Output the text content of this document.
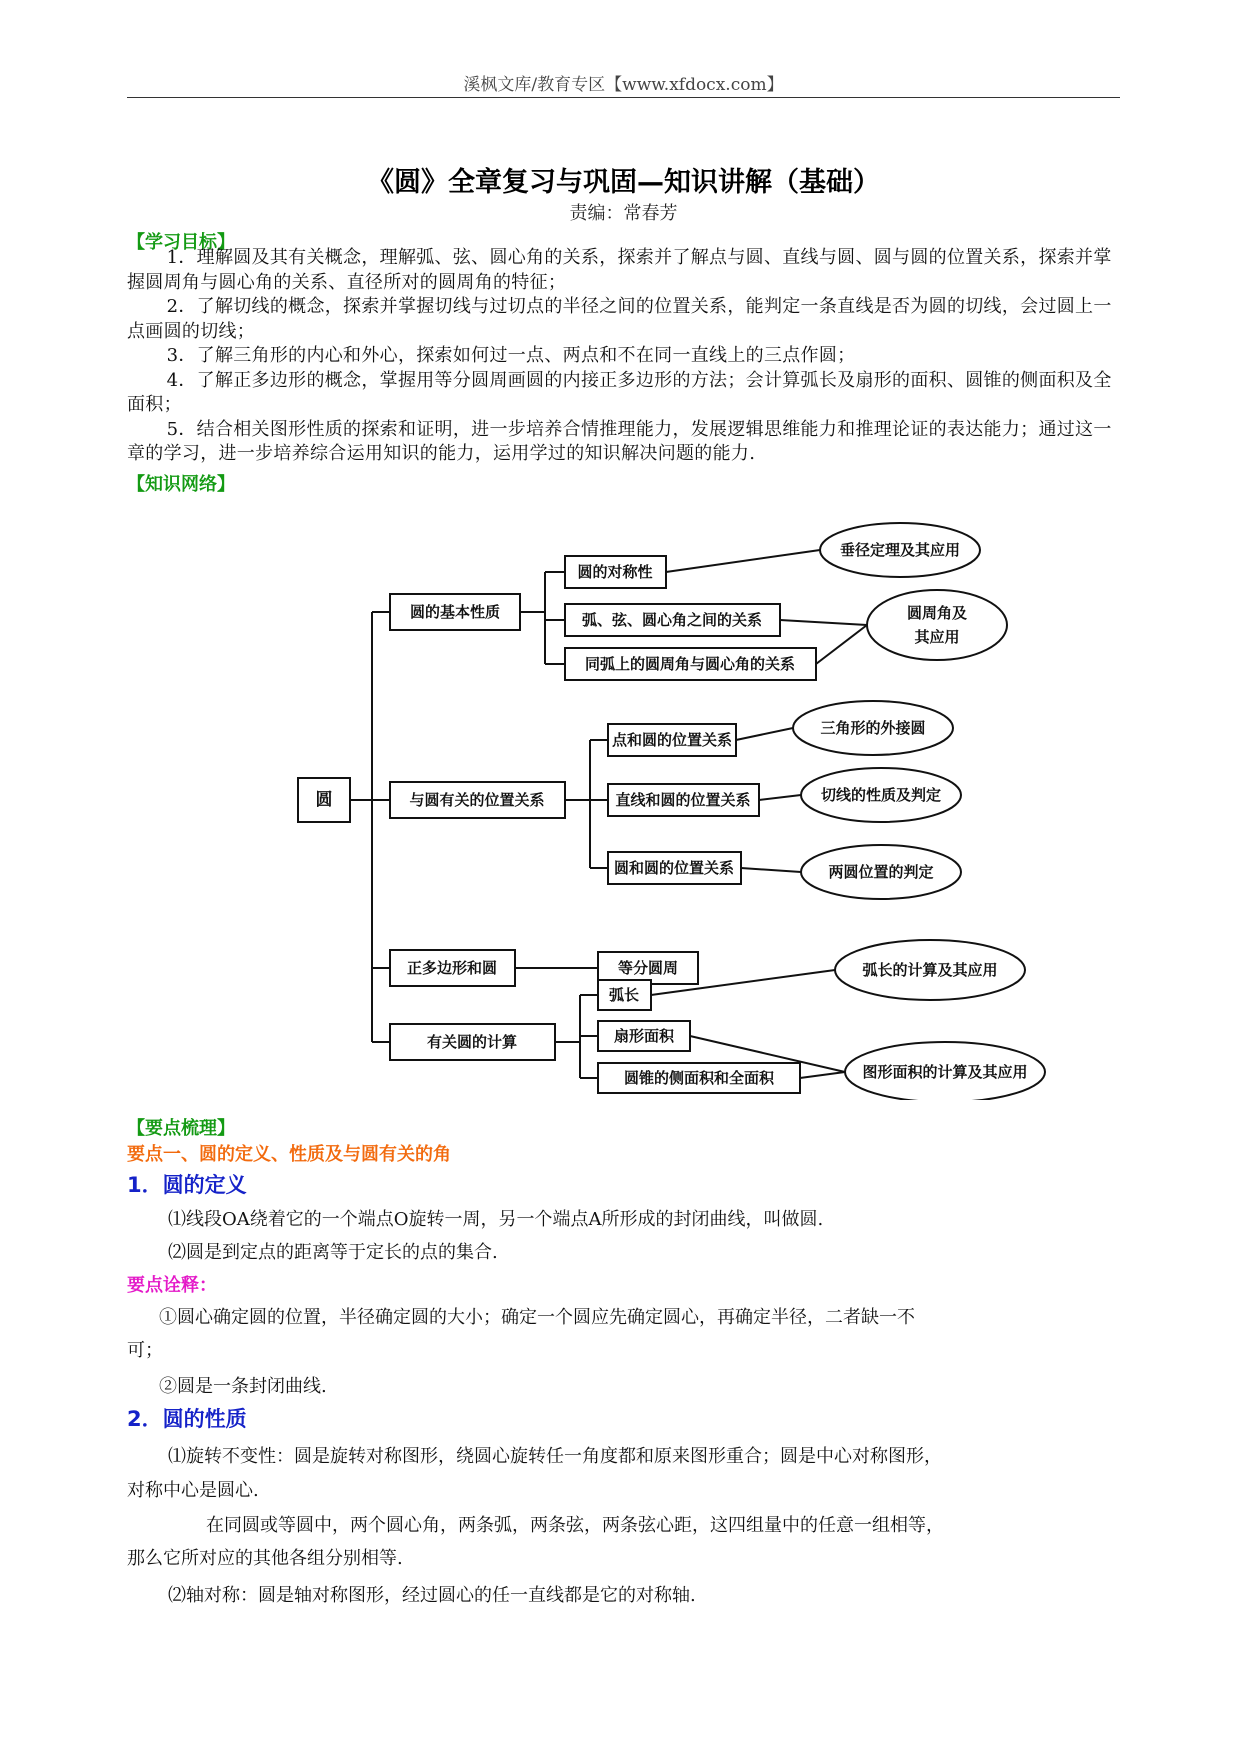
溪枫文库/教育专区【www.xfdocx.com】
《圆》全章复习与巩固—知识讲解（基础）
责编：常春芳
【学习目标】

1．理解圆及其有关概念，理解弧、弦、圆心角的关系，探索并了解点与圆、直线与圆、圆与圆的位置关系，探索并掌握圆周角与圆心角的关系、直径所对的圆周角的特征；

2．了解切线的概念，探索并掌握切线与过切点的半径之间的位置关系，能判定一条直线是否为圆的切线，会过圆上一点画圆的切线；

3．了解三角形的内心和外心，探索如何过一点、两点和不在同一直线上的三点作圆；

4．了解正多边形的概念，掌握用等分圆周画圆的内接正多边形的方法；会计算弧长及扇形的面积、圆锥的侧面积及全面积；

5．结合相关图形性质的探索和证明，进一步培养合情推理能力，发展逻辑思维能力和推理论证的表达能力；通过这一章的学习，进一步培养综合运用知识的能力，运用学过的知识解决问题的能力.

【知识网络】
圆
圆的基本性质
与圆有关的位置关系
正多边形和圆
有关圆的计算
圆的对称性
弧、弦、圆心角之间的关系
同弧上的圆周角与圆心角的关系
点和圆的位置关系
直线和圆的位置关系
圆和圆的位置关系
等分圆周
弧长
扇形面积
圆锥的侧面积和全面积
垂径定理及其应用
圆周角及
其应用
三角形的外接圆
切线的性质及判定
两圆位置的判定
弧长的计算及其应用
图形面积的计算及其应用
【要点梳理】
要点一、圆的定义、性质及与圆有关的角
1．圆的定义
⑴线段OA绕着它的一个端点O旋转一周，另一个端点A所形成的封闭曲线，叫做圆.
⑵圆是到定点的距离等于定长的点的集合.
要点诠释：
①圆心确定圆的位置，半径确定圆的大小；确定一个圆应先确定圆心，再确定半径，二者缺一不
可；
②圆是一条封闭曲线.
2．圆的性质
⑴旋转不变性：圆是旋转对称图形，绕圆心旋转任一角度都和原来图形重合；圆是中心对称图形，
对称中心是圆心.
在同圆或等圆中，两个圆心角，两条弧，两条弦，两条弦心距，这四组量中的任意一组相等，
那么它所对应的其他各组分别相等.
⑵轴对称：圆是轴对称图形，经过圆心的任一直线都是它的对称轴.
